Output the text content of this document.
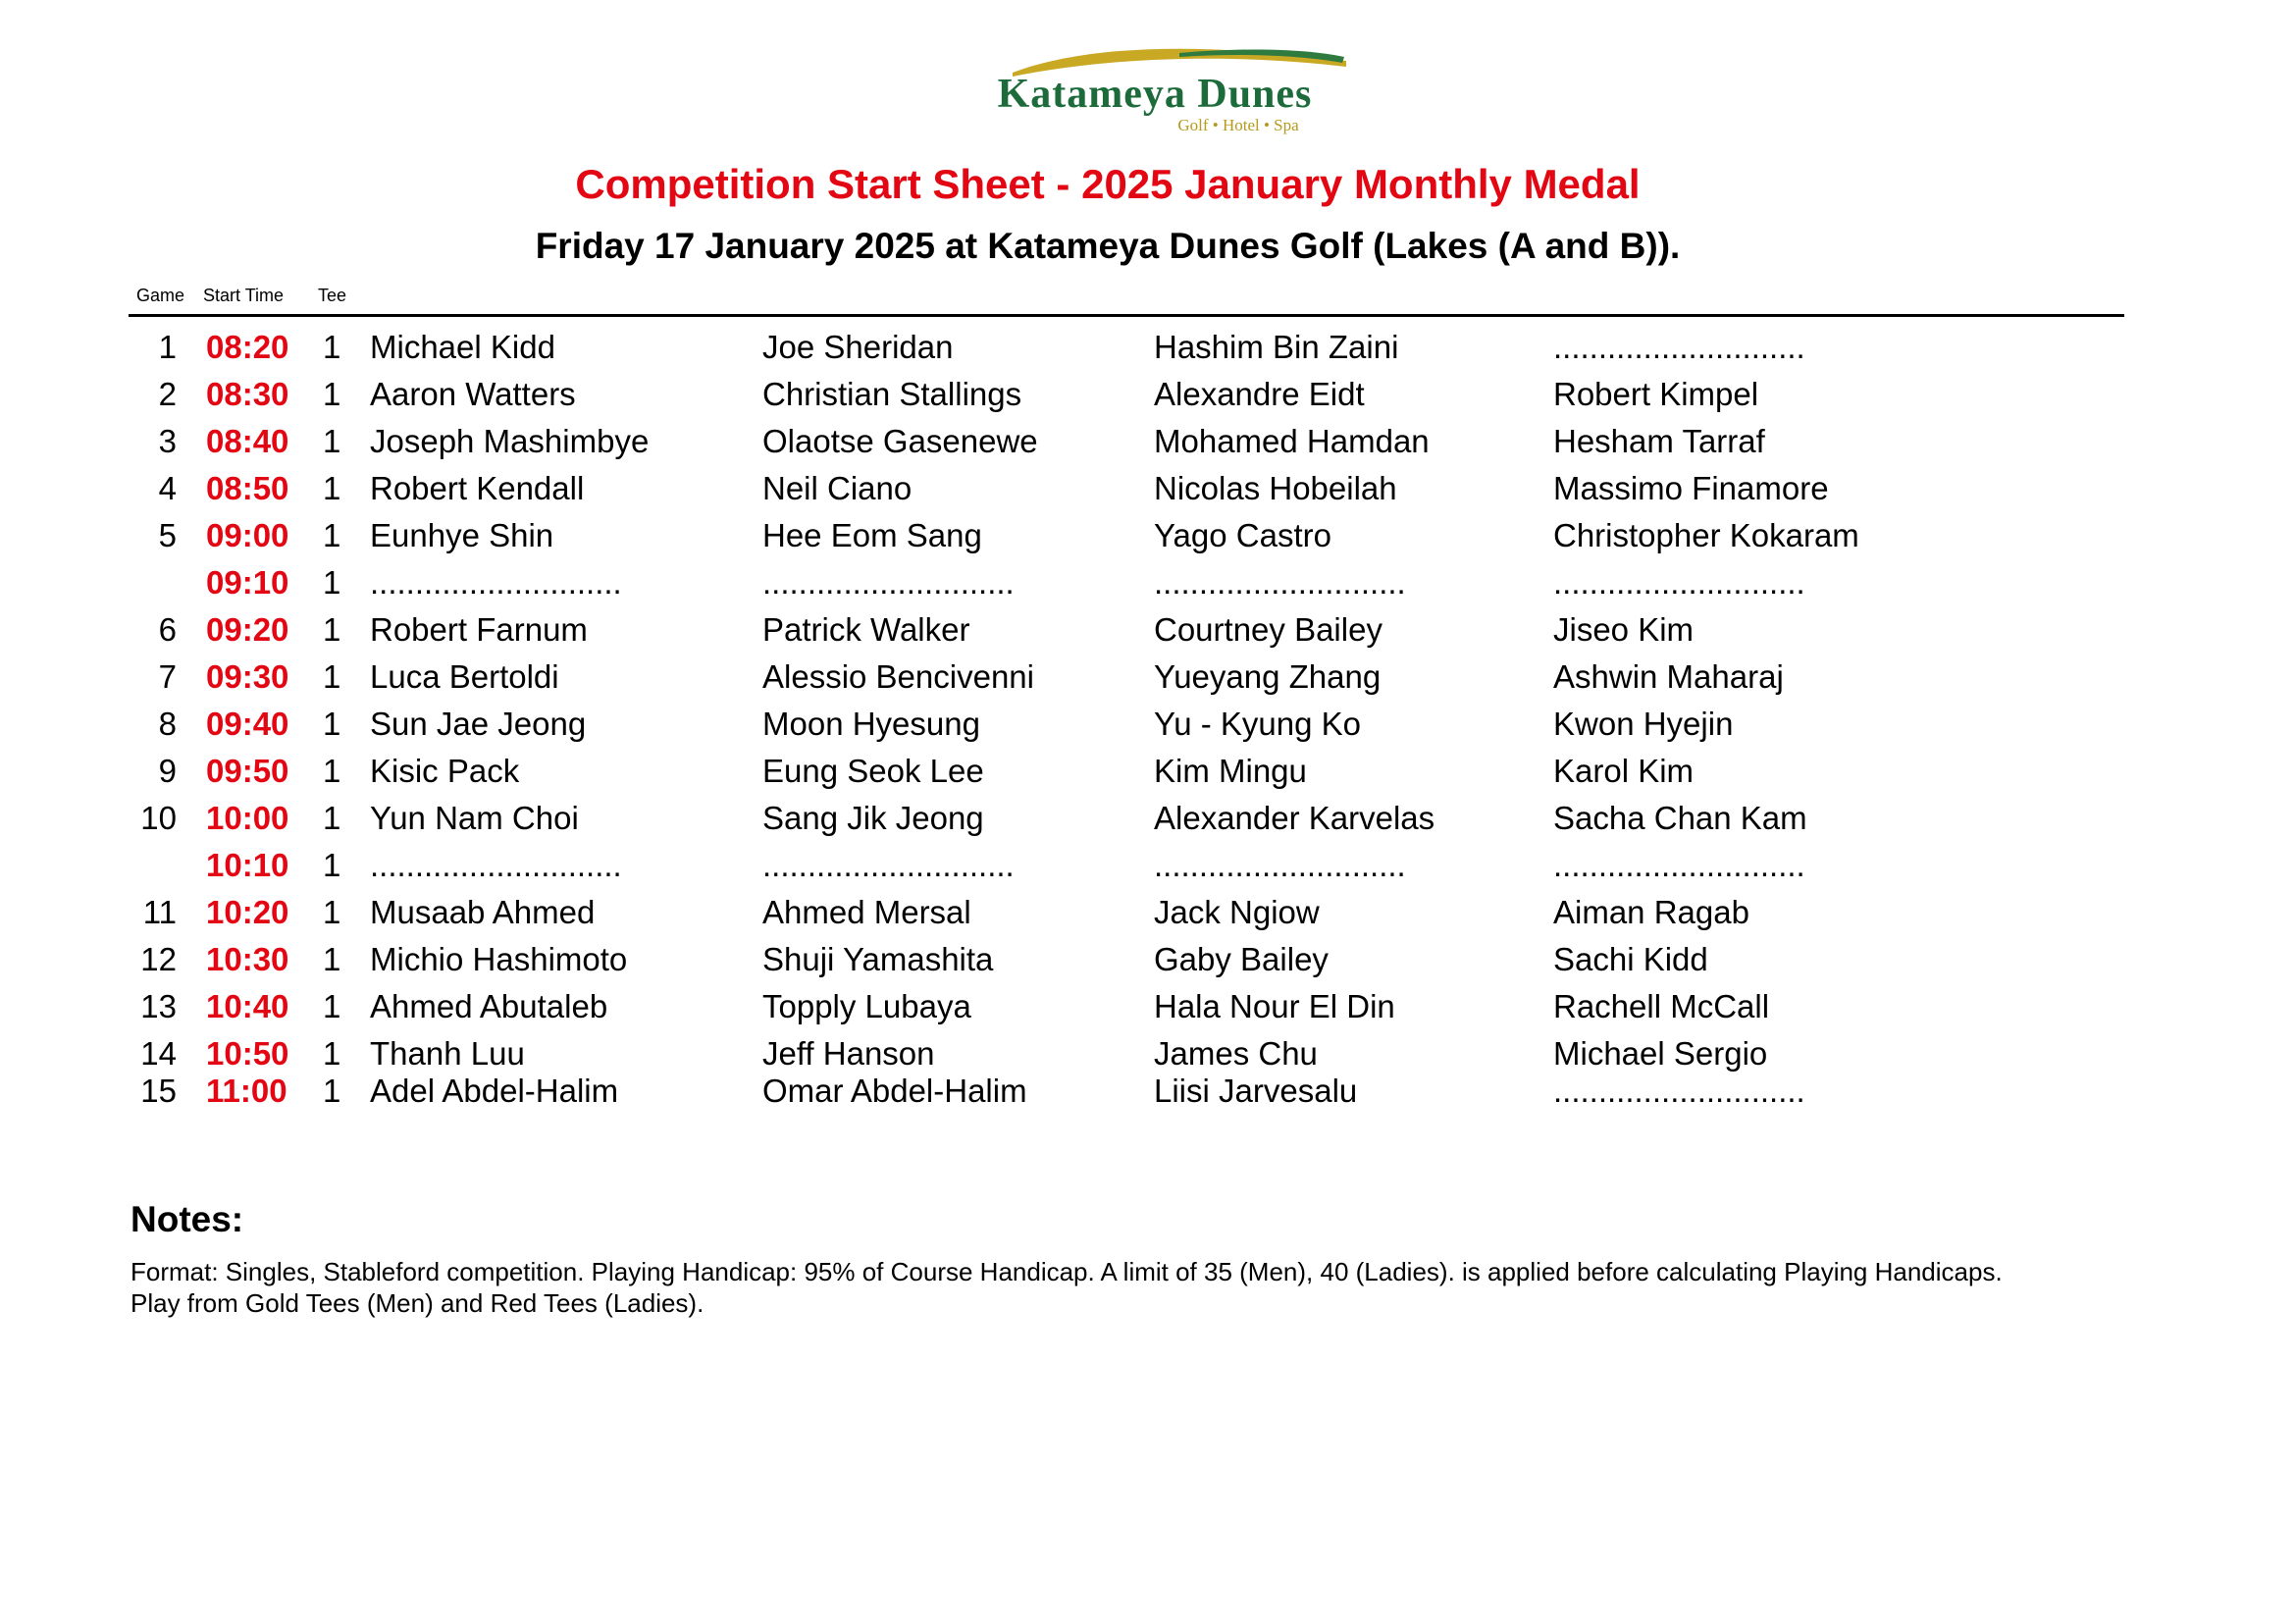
Katameya Dunes
Golf • Hotel • Spa
Competition Start Sheet - 2025 January Monthly Medal
Friday 17 January 2025 at Katameya Dunes Golf (Lakes (A and B)).
Game Start Time Tee
1 08:20 1 Michael Kidd	Joe Sheridan	Hashim Bin Zaini	............................
2 08:30 1 Aaron Watters	Christian Stallings	Alexandre Eidt	Robert Kimpel
3 08:40 1 Joseph Mashimbye	Olaotse Gasenewe	Mohamed Hamdan	Hesham Tarraf
4 08:50 1 Robert Kendall	Neil Ciano	Nicolas Hobeilah	Massimo Finamore
5 09:00 1 Eunhye Shin	Hee Eom Sang	Yago Castro	Christopher Kokaram
09:10 1 ............................	............................	............................	............................
6 09:20 1 Robert Farnum	Patrick Walker	Courtney Bailey	Jiseo Kim
7 09:30 1 Luca Bertoldi	Alessio Bencivenni	Yueyang Zhang	Ashwin Maharaj
8 09:40 1 Sun Jae Jeong	Moon Hyesung	Yu - Kyung Ko	Kwon Hyejin
9 09:50 1 Kisic Pack	Eung Seok Lee	Kim Mingu	Karol Kim
10 10:00 1 Yun Nam Choi	Sang Jik Jeong	Alexander Karvelas	Sacha Chan Kam
10:10 1 ............................	............................	............................	............................
11 10:20 1 Musaab Ahmed	Ahmed Mersal	Jack Ngiow	Aiman Ragab
12 10:30 1 Michio Hashimoto	Shuji Yamashita	Gaby Bailey	Sachi Kidd
13 10:40 1 Ahmed Abutaleb	Topply Lubaya	Hala Nour El Din	Rachell McCall
14 10:50 1 Thanh Luu	Jeff Hanson	James Chu	Michael Sergio
15 11:00 1 Adel Abdel-Halim	Omar Abdel-Halim	Liisi Jarvesalu	............................
Notes:
Format: Singles, Stableford competition. Playing Handicap: 95% of Course Handicap. A limit of 35 (Men), 40 (Ladies). is applied before calculating Playing Handicaps.
Play from Gold Tees (Men) and Red Tees (Ladies).
